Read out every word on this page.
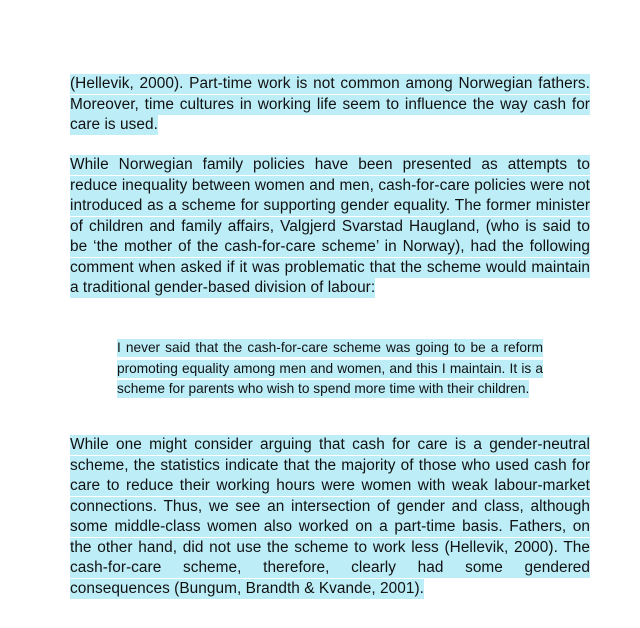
(Hellevik, 2000). Part-time work is not common among Norwegian fathers. Moreover, time cultures in working life seem to influence the way cash for care is used.

While Norwegian family policies have been presented as attempts to reduce inequality between women and men, cash-for-care policies were not introduced as a scheme for supporting gender equality. The former minister of children and family affairs, Valgjerd Svarstad Haugland, (who is said to be ‘the mother of the cash-for-care scheme’ in Norway), had the following comment when asked if it was problematic that the scheme would maintain a traditional gender-based division of labour:

I never said that the cash-for-care scheme was going to be a reform promoting equality among men and women, and this I maintain. It is a scheme for parents who wish to spend more time with their children.

While one might consider arguing that cash for care is a gender-neutral scheme, the statistics indicate that the majority of those who used cash for care to reduce their working hours were women with weak labour-market connections. Thus, we see an intersection of gender and class, although some middle-class women also worked on a part-time basis. Fathers, on the other hand, did not use the scheme to work less (Hellevik, 2000). The cash-for-care scheme, therefore, clearly had some gendered consequences (Bungum, Brandth & Kvande, 2001).
